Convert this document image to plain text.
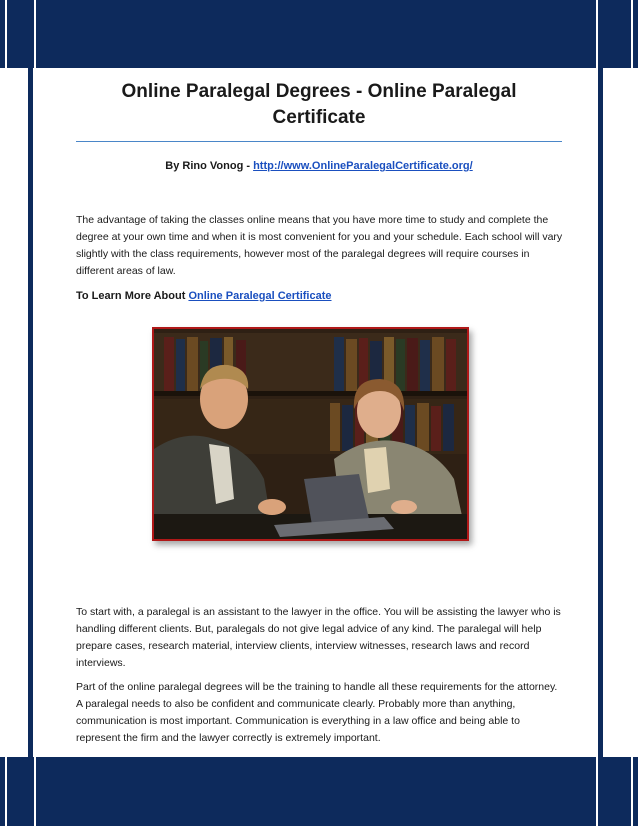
Online Paralegal Degrees - Online Paralegal
Certificate
By Rino Vonog - http://www.OnlineParalegalCertificate.org/
The advantage of taking the classes online means that you have more time to study and complete the degree at your own time and when it is most convenient for you and your schedule. Each school will vary slightly with the class requirements, however most of the paralegal degrees will require courses in different areas of law.
To Learn More About Online Paralegal Certificate
To start with, a paralegal is an assistant to the lawyer in the office. You will be assisting the lawyer who is handling different clients. But, paralegals do not give legal advice of any kind. The paralegal will help prepare cases, research material, interview clients, interview witnesses, research laws and record interviews.
Part of the online paralegal degrees will be the training to handle all these requirements for the attorney. A paralegal needs to also be confident and communicate clearly. Probably more than anything, communication is most important. Communication is everything in a law office and being able to represent the firm and the lawyer correctly is extremely important.
